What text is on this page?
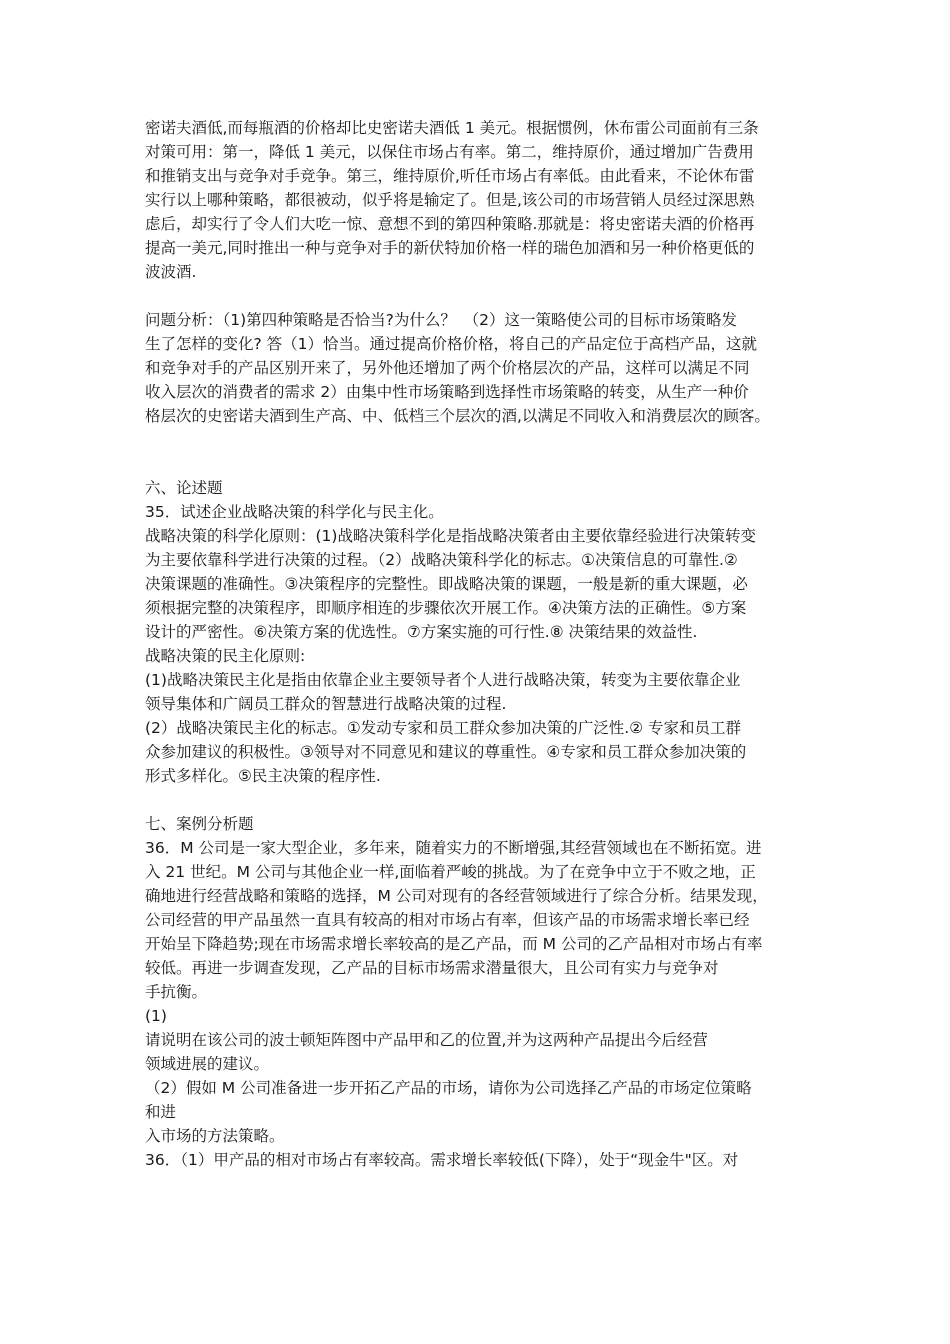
密诺夫酒低,而每瓶酒的价格却比史密诺夫酒低 1 美元。根据惯例，休布雷公司面前有三条
对策可用：第一，降低 1 美元，以保住市场占有率。第二，维持原价，通过增加广告费用
和推销支出与竞争对手竞争。第三，维持原价,听任市场占有率低。由此看来，不论休布雷
实行以上哪种策略，都很被动，似乎将是输定了。但是,该公司的市场营销人员经过深思熟
虑后，却实行了令人们大吃一惊、意想不到的第四种策略.那就是：将史密诺夫酒的价格再
提高一美元,同时推出一种与竞争对手的新伏特加价格一样的瑞色加酒和另一种价格更低的
波波酒.
问题分析：（1)第四种策略是否恰当?为什么？　（2）这一策略使公司的目标市场策略发
生了怎样的变化? 答（1）恰当。通过提高价格价格，将自己的产品定位于高档产品，这就
和竞争对手的产品区别开来了，另外他还增加了两个价格层次的产品，这样可以满足不同
收入层次的消费者的需求 2）由集中性市场策略到选择性市场策略的转变，从生产一种价
格层次的史密诺夫酒到生产高、中、低档三个层次的酒,以满足不同收入和消费层次的顾客。
六、论述题
35．试述企业战略决策的科学化与民主化。
战略决策的科学化原则：(1)战略决策科学化是指战略决策者由主要依靠经验进行决策转变
为主要依靠科学进行决策的过程。（2）战略决策科学化的标志。①决策信息的可靠性.②
决策课题的准确性。③决策程序的完整性。即战略决策的课题，一般是新的重大课题，必
须根据完整的决策程序，即顺序相连的步骤依次开展工作。④决策方法的正确性。⑤方案
设计的严密性。⑥决策方案的优选性。⑦方案实施的可行性.⑧ 决策结果的效益性.
战略决策的民主化原则:
(1)战略决策民主化是指由依靠企业主要领导者个人进行战略决策，转变为主要依靠企业
领导集体和广阔员工群众的智慧进行战略决策的过程.
(2）战略决策民主化的标志。①发动专家和员工群众参加决策的广泛性.② 专家和员工群
众参加建议的积极性。③领导对不同意见和建议的尊重性。④专家和员工群众参加决策的
形式多样化。⑤民主决策的程序性.
七、案例分析题
36．M 公司是一家大型企业，多年来，随着实力的不断增强,其经营领域也在不断拓宽。进
入 21 世纪。M 公司与其他企业一样,面临着严峻的挑战。为了在竞争中立于不败之地，正
确地进行经营战略和策略的选择，M 公司对现有的各经营领域进行了综合分析。结果发现，
公司经营的甲产品虽然一直具有较高的相对市场占有率，但该产品的市场需求增长率已经
开始呈下降趋势;现在市场需求增长率较高的是乙产品，而 M 公司的乙产品相对市场占有率
较低。再进一步调查发现，乙产品的目标市场需求潜量很大，且公司有实力与竞争对
手抗衡。
(1)
请说明在该公司的波士顿矩阵图中产品甲和乙的位置,并为这两种产品提出今后经营
领域进展的建议。
（2）假如 M 公司准备进一步开拓乙产品的市场，请你为公司选择乙产品的市场定位策略
和进
入市场的方法策略。
36．（1）甲产品的相对市场占有率较高。需求增长率较低(下降），处于“现金牛"区。对
